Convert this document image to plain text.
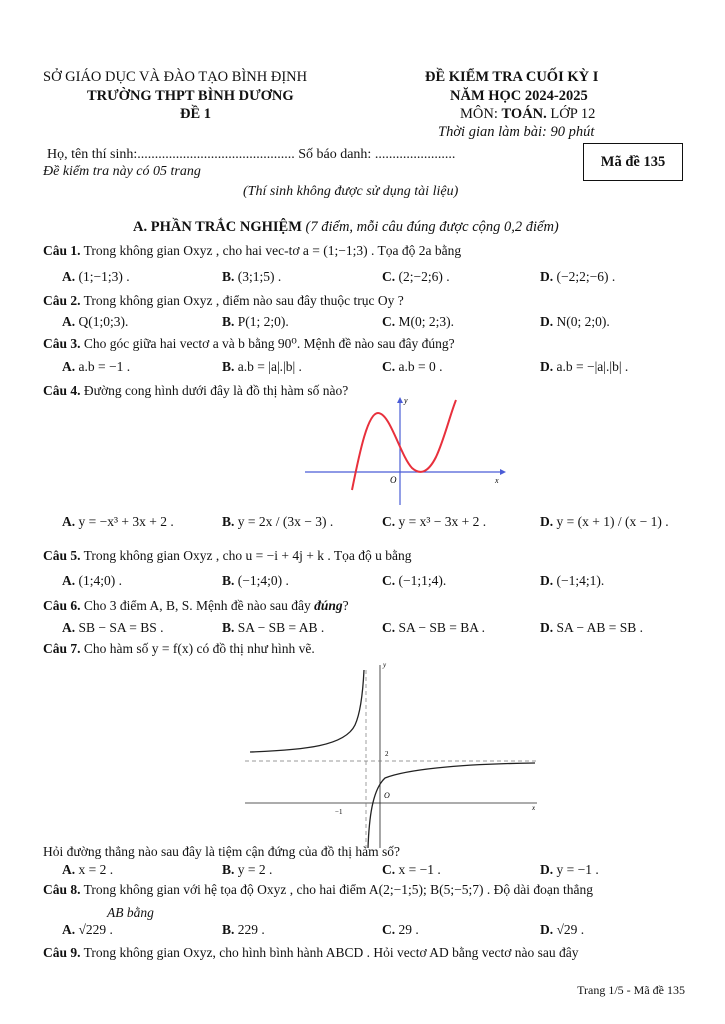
SỞ GIÁO DỤC VÀ ĐÀO TẠO BÌNH ĐỊNH
TRƯỜNG THPT BÌNH DƯƠNG
ĐỀ 1
ĐỀ KIỂM TRA CUỐI KỲ I
NĂM HỌC 2024-2025
MÔN: TOÁN. LỚP 12
Thời gian làm bài: 90 phút
Họ, tên thí sinh:............................................. Số báo danh: .......................
Đề kiểm tra này có 05 trang
(Thí sinh không được sử dụng tài liệu)
Mã đề 135
A. PHẦN TRẮC NGHIỆM (7 điểm, mỗi câu đúng được cộng 0,2 điểm)
Câu 1. Trong không gian Oxyz , cho hai vec-tơ a = (1;−1;3) . Tọa độ 2a bằng
A. (1;−1;3) .	B. (3;1;5) .	C. (2;−2;6) .	D. (−2;2;−6) .
Câu 2. Trong không gian Oxyz , điểm nào sau đây thuộc trục Oy ?
A. Q(1;0;3).	B. P(1; 2;0).	C. M(0; 2;3).	D. N(0; 2;0).
Câu 3. Cho góc giữa hai vectơ a và b bằng 90⁰. Mệnh đề nào sau đây đúng?
A. a.b = −1 .	B. a.b = |a|.|b| .	C. a.b = 0 .	D. a.b = −|a|.|b| .
Câu 4. Đường cong hình dưới đây là đồ thị hàm số nào?
O	x
y
A. y = −x³ + 3x + 2 .	B. y = 2x / (3x − 3) .	C. y = x³ − 3x + 2 .	D. y = (x + 1) / (x − 1) .
Câu 5. Trong không gian Oxyz , cho u = −i + 4j + k . Tọa độ u bằng
A. (1;4;0) .	B. (−1;4;0) .	C. (−1;1;4).	D. (−1;4;1).
Câu 6. Cho 3 điểm A, B, S. Mệnh đề nào sau đây đúng?
A. SB − SA = BS .	B. SA − SB = AB .	C. SA − SB = BA .	D. SA − AB = SB .
Câu 7. Cho hàm số y = f(x) có đồ thị như hình vẽ.
2
−1
O
x
y
Hỏi đường thẳng nào sau đây là tiệm cận đứng của đồ thị hàm số?
A. x = 2 .	B. y = 2 .	C. x = −1 .	D. y = −1 .
Câu 8. Trong không gian với hệ tọa độ Oxyz , cho hai điểm A(2;−1;5); B(5;−5;7) . Độ dài đoạn thẳng
AB bằng
A. √229 .	B. 229 .	C. 29 .	D. √29 .
Câu 9. Trong không gian Oxyz, cho hình bình hành ABCD . Hỏi vectơ AD bằng vectơ nào sau đây
Trang 1/5 - Mã đề 135
